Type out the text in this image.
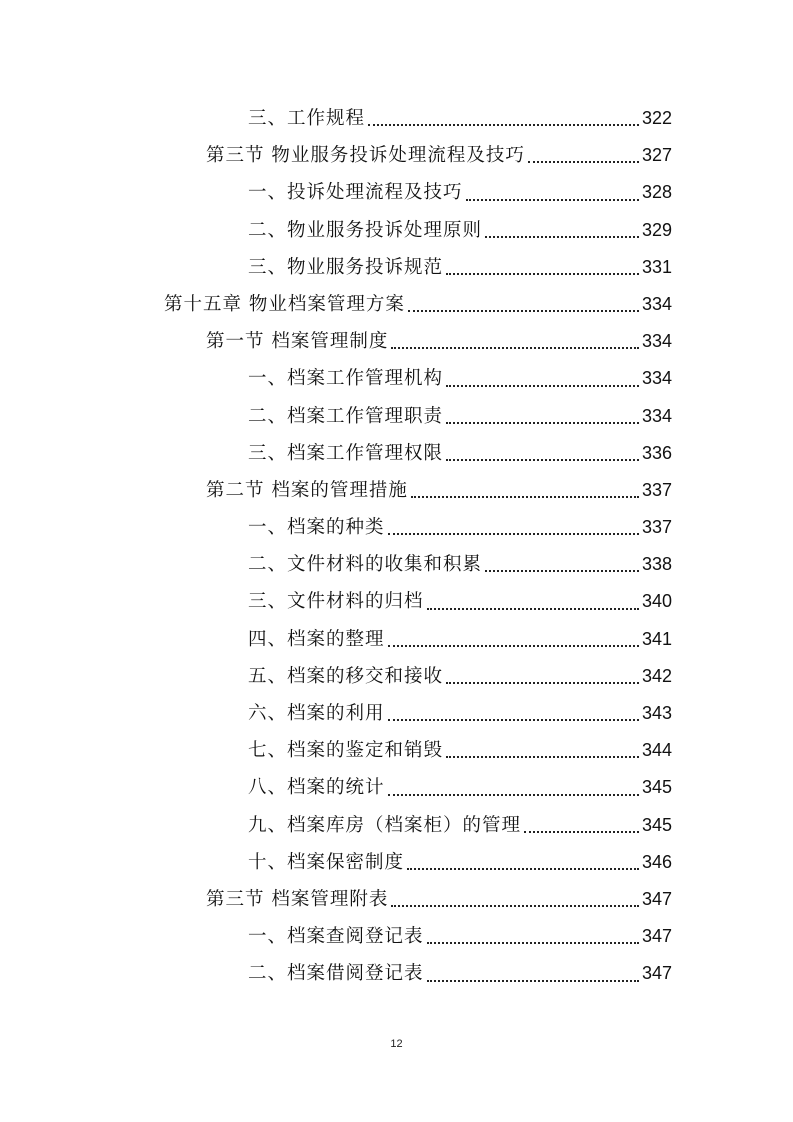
三、工作规程	322
第三节 物业服务投诉处理流程及技巧	327
一、投诉处理流程及技巧	328
二、物业服务投诉处理原则	329
三、物业服务投诉规范	331
第十五章 物业档案管理方案	334
第一节 档案管理制度	334
一、档案工作管理机构	334
二、档案工作管理职责	334
三、档案工作管理权限	336
第二节 档案的管理措施	337
一、档案的种类	337
二、文件材料的收集和积累	338
三、文件材料的归档	340
四、档案的整理	341
五、档案的移交和接收	342
六、档案的利用	343
七、档案的鉴定和销毁	344
八、档案的统计	345
九、档案库房（档案柜）的管理	345
十、档案保密制度	346
第三节 档案管理附表	347
一、档案查阅登记表	347
二、档案借阅登记表	347
12
